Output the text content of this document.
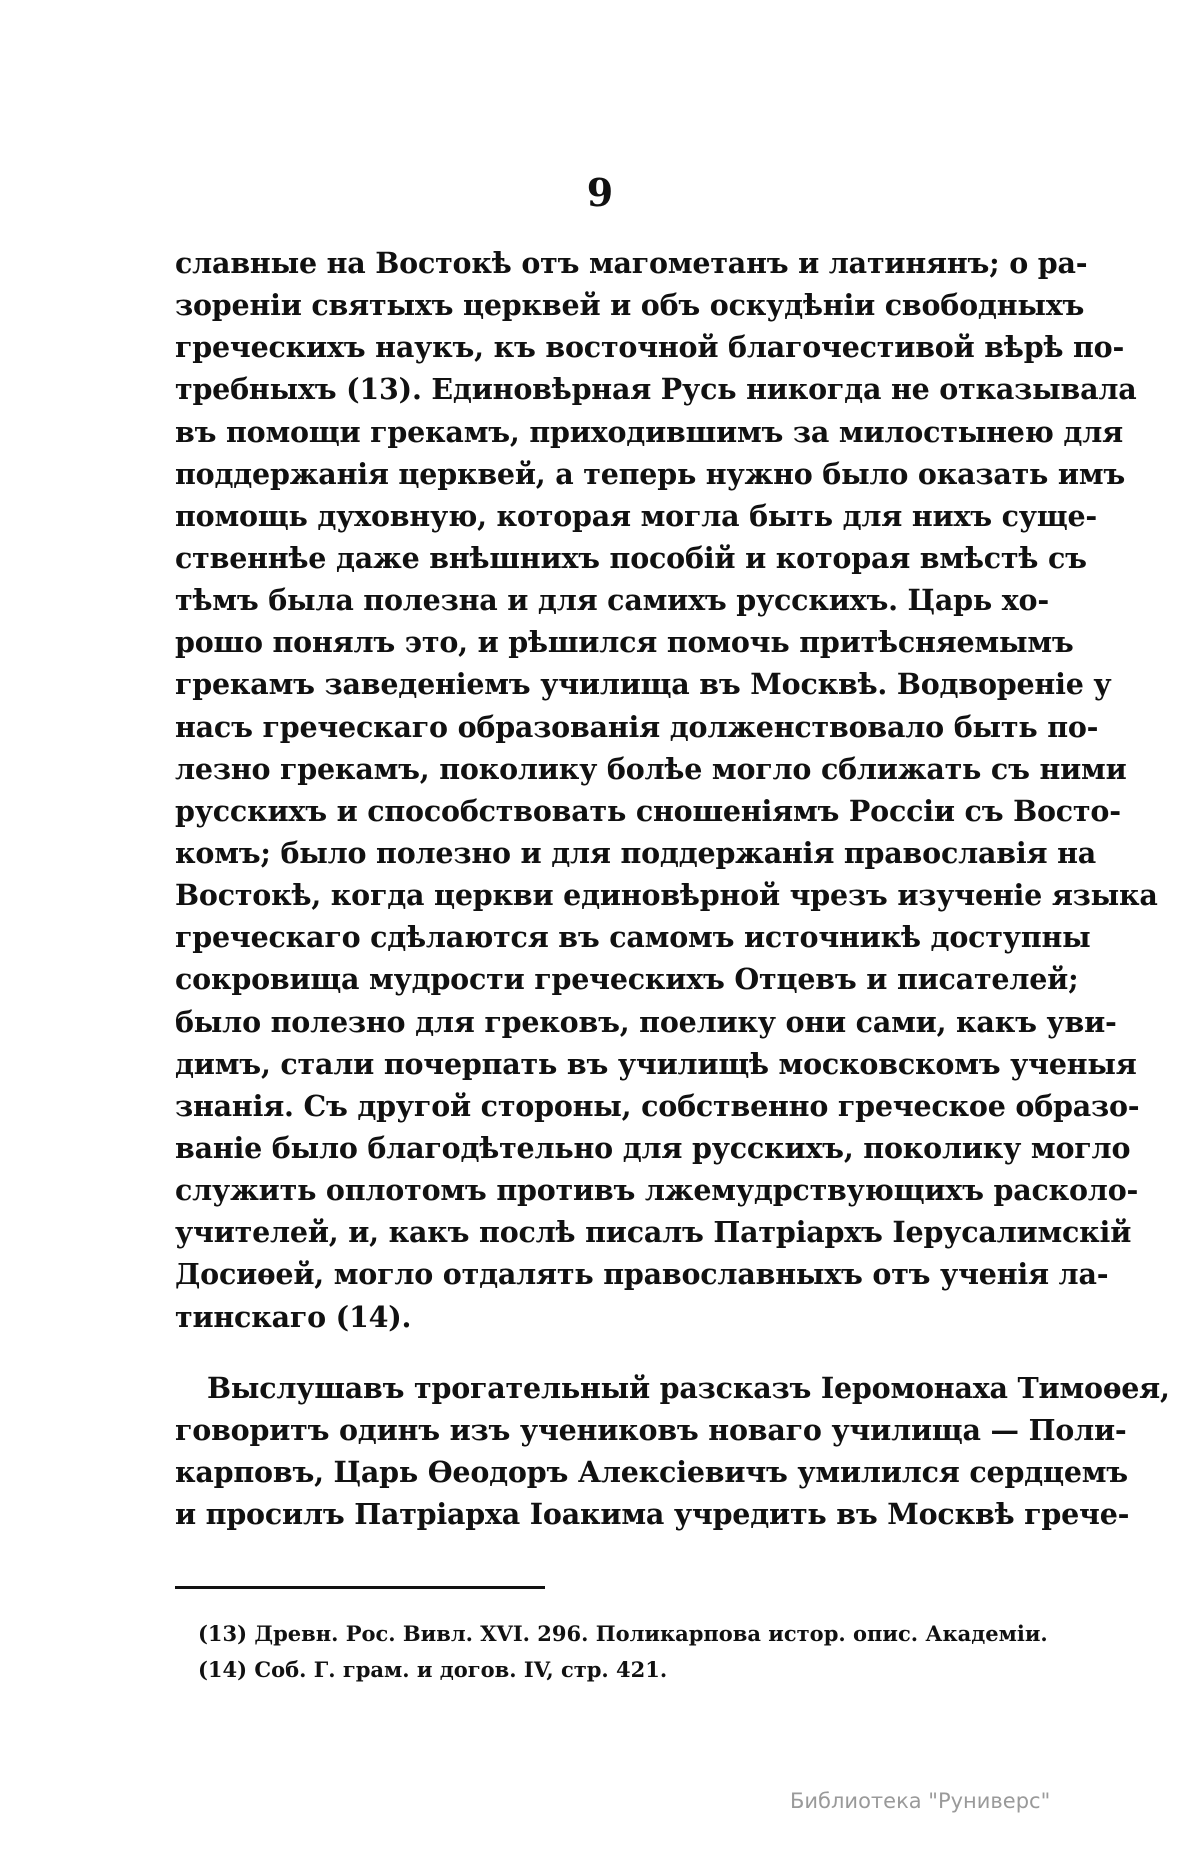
9
славные на Востокѣ отъ магометанъ и латинянъ; о ра-
зореніи святыхъ церквей и объ оскудѣніи свободныхъ
греческихъ наукъ, къ восточной благочестивой вѣрѣ по-
требныхъ (13). Единовѣрная Русь никогда не отказывала
въ помощи грекамъ, приходившимъ за милостынею для
поддержанія церквей, а теперь нужно было оказать имъ
помощь духовную, которая могла быть для нихъ суще-
ственнѣе даже внѣшнихъ пособій и которая вмѣстѣ съ
тѣмъ была полезна и для самихъ русскихъ. Царь хо-
рошо понялъ это, и рѣшился помочь притѣсняемымъ
грекамъ заведеніемъ училища въ Москвѣ. Водвореніе у
насъ греческаго образованія долженствовало быть по-
лезно грекамъ, поколику болѣе могло сближать съ ними
русскихъ и способствовать сношеніямъ Россіи съ Восто-
комъ; было полезно и для поддержанія православія на
Востокѣ, когда церкви единовѣрной чрезъ изученіе языка
греческаго сдѣлаются въ самомъ источникѣ доступны
сокровища мудрости греческихъ Отцевъ и писателей;
было полезно для грековъ, поелику они сами, какъ уви-
димъ, стали почерпать въ училищѣ московскомъ ученыя
знанія. Съ другой стороны, собственно греческое образо-
ваніе было благодѣтельно для русскихъ, поколику могло
служить оплотомъ противъ лжемудрствующихъ расколо-
учителей, и, какъ послѣ писалъ Патріархъ Іерусалимскій
Досиѳей, могло отдалять православныхъ отъ ученія ла-
тинскаго (14).
Выслушавъ трогательный разсказъ Іеромонаха Тимоѳея,
говоритъ одинъ изъ учениковъ новаго училища — Поли-
карповъ, Царь Ѳеодоръ Алексіевичъ умилился сердцемъ
и просилъ Патріарха Іоакима учредить въ Москвѣ грече-
(13) Древн. Рос. Вивл. XVI. 296. Поликарпова истор. опис. Академіи.
(14) Соб. Г. грам. и догов. IV, стр. 421.
Библиотека "Руниверс"
